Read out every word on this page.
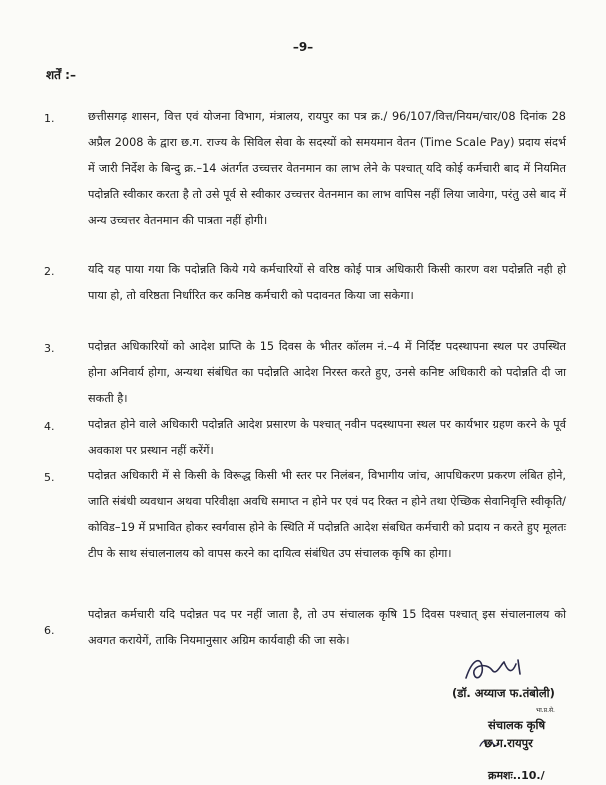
–9–
शर्तें :–
1.	छत्तीसगढ़ शासन, वित्त एवं योजना विभाग, मंत्रालय, रायपुर का पत्र क्र./ 96/107/वित्त/नियम/चार/08 दिनांक 28 अप्रैल 2008 के द्वारा छ.ग. राज्य के सिविल सेवा के सदस्यों को समयमान वेतन (Time Scale Pay) प्रदाय संदर्भ में जारी निर्देश के बिन्दु क्र.–14 अंतर्गत उच्चत्तर वेतनमान का लाभ लेने के पश्चात् यदि कोई कर्मचारी बाद में नियमित पदोन्नति स्वीकार करता है तो उसे पूर्व से स्वीकार उच्चत्तर वेतनमान का लाभ वापिस नहीं लिया जावेगा, परंतु उसे बाद में अन्य उच्चत्तर वेतनमान की पात्रता नहीं होगी।
2.	यदि यह पाया गया कि पदोन्नति किये गये कर्मचारियों से वरिष्ठ कोई पात्र अधिकारी किसी कारण वश पदोन्नति नही हो पाया हो, तो वरिष्ठता निर्धारित कर कनिष्ठ कर्मचारी को पदावनत किया जा सकेगा।
3.	पदोन्नत अधिकारियों को आदेश प्राप्ति के 15 दिवस के भीतर कॉलम नं.–4 में निर्दिष्ट पदस्थापना स्थल पर उपस्थित होना अनिवार्य होगा, अन्यथा संबंधित का पदोन्नति आदेश निरस्त करते हुए, उनसे कनिष्ट अधिकारी को पदोन्नति दी जा सकती है।
4.	पदोन्नत होने वाले अधिकारी पदोन्नति आदेश प्रसारण के पश्चात् नवीन पदस्थापना स्थल पर कार्यभार ग्रहण करने के पूर्व अवकाश पर प्रस्थान नहीं करेंगें।
5.	पदोन्नत अधिकारी में से किसी के विरूद्ध किसी भी स्तर पर निलंबन, विभागीय जांच, आपधिकरण प्रकरण लंबित होने, जाति संबंधी व्यवधान अथवा परिवीक्षा अवधि समाप्त न होने पर एवं पद रिक्त न होने तथा ऐच्छिक सेवानिवृत्ति स्वीकृति/कोविड–19 में प्रभावित होकर स्वर्गवास होने के स्थिति में पदोन्नति आदेश संबधित कर्मचारी को प्रदाय न करते हुए मूलतः टीप के साथ संचालनालय को वापस करने का दायित्व संबंधित उप संचालक कृषि का होगा।
6.
पदोन्नत कर्मचारी यदि पदोन्नत पद पर नहीं जाता है, तो उप संचालक कृषि 15 दिवस पश्चात् इस संचालनालय को अवगत करायेगें, ताकि नियमानुसार अग्रिम कार्यवाही की जा सके।
(डॉ. अय्याज फ.तंबोली)
भा.प्र.से.
संचालक कृषि
छ.ग.रायपुर
क्रमशः..10./
